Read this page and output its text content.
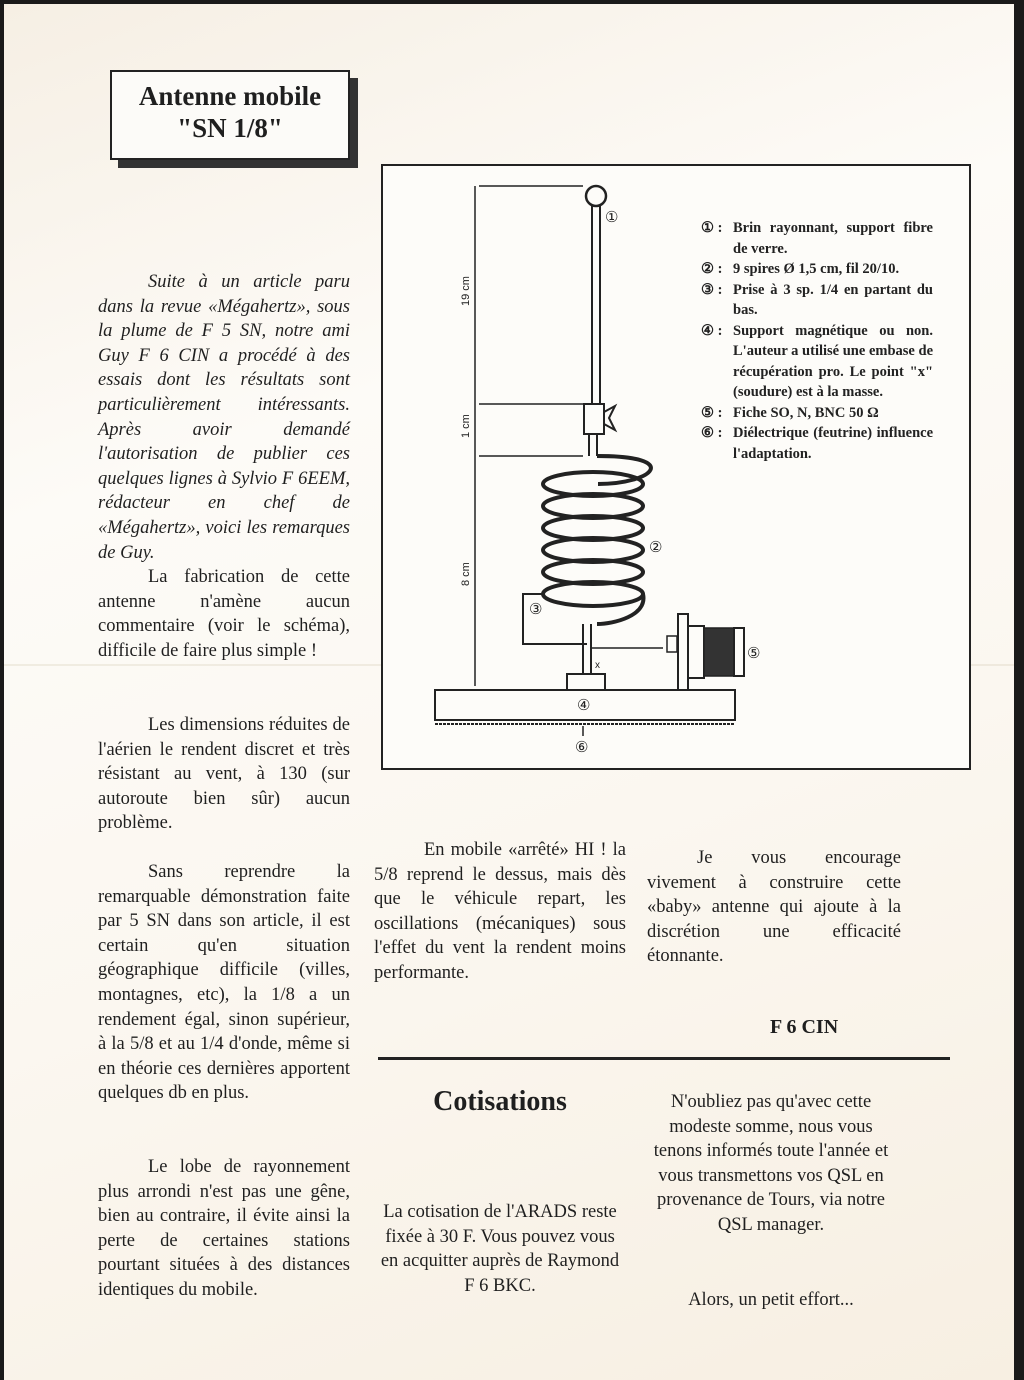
Antenne mobile
"SN 1/8"

Suite à un article paru dans la revue «Mégahertz», sous la plume de F 5 SN, notre ami Guy F 6 CIN a procédé à des essais dont les résultats sont particulièrement intéressants. Après avoir demandé l'autorisation de publier ces quelques lignes à Sylvio F 6EEM, rédacteur en chef de «Mégahertz», voici les remarques de Guy.

La fabrication de cette antenne n'amène aucun commentaire (voir le schéma), difficile de faire plus simple !

Les dimensions réduites de l'aérien le rendent discret et très résistant au vent, à 130 (sur autoroute bien sûr) aucun problème.

Sans reprendre la remarquable démonstration faite par 5 SN dans son article, il est certain qu'en situation géographique difficile (villes, montagnes, etc), la 1/8 a un rendement égal, sinon supérieur, à la 5/8 et au 1/4 d'onde, même si en théorie ces dernières apportent quelques db en plus.

Le lobe de rayonnement plus arrondi n'est pas une gêne, bien au contraire, il évite ainsi la perte de certaines stations pourtant situées à des distances identiques du mobile.

19 cm
1 cm
8 cm
x
①
②
③
④
⑤
⑥
① : Brin rayonnant, support fibre de verre.
② : 9 spires Ø 1,5 cm, fil 20/10.
③ : Prise à 3 sp. 1/4 en partant du bas.
④ : Support magnétique ou non. L'auteur a utilisé une embase de récupération pro. Le point "x" (soudure) est à la masse.
⑤ : Fiche SO, N, BNC 50 Ω
⑥ : Diélectrique (feutrine) influence l'adaptation.

En mobile «arrêté» HI ! la 5/8 reprend le dessus, mais dès que le véhicule repart, les oscillations (mécaniques) sous l'effet du vent la rendent moins performante.

Je vous encourage vivement à construire cette «baby» antenne qui ajoute à la discrétion une efficacité étonnante.

F 6 CIN
Cotisations

La cotisation de l'ARADS reste fixée à 30 F. Vous pouvez vous en acquitter auprès de Raymond F 6 BKC.

N'oubliez pas qu'avec cette modeste somme, nous vous tenons informés toute l'année et vous transmettons vos QSL en provenance de Tours, via notre QSL manager.

Alors, un petit effort...
